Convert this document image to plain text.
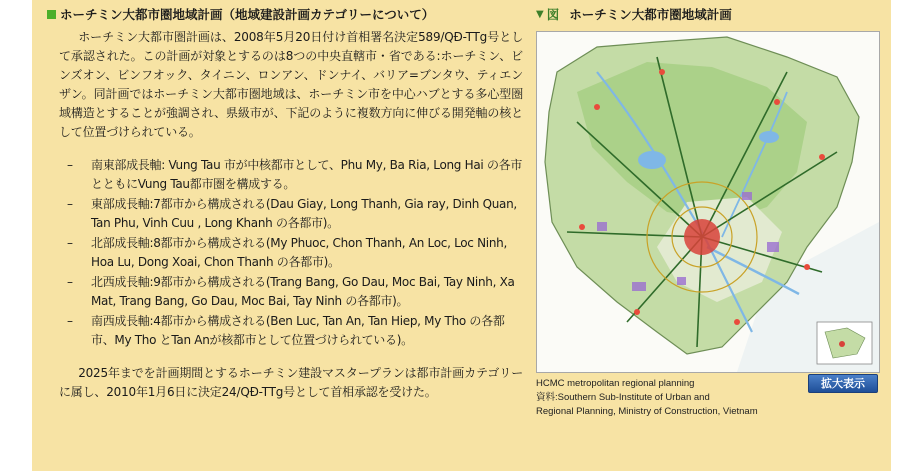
ホーチミン大都市圏地域計画（地域建設計画カテゴリーについて）

ホーチミン大都市圏計画は、2008年5月20日付け首相署名決定589/QĐ-TTg号として承認された。この計画が対象とするのは8つの中央直轄市・省である:ホーチミン、ビンズオン、ビンフオック、タイニン、ロンアン、ドンナイ、バリア=ブンタウ、ティエンザン。同計画ではホーチミン大都市圏地域は、ホーチミン市を中心ハブとする多心型圏域構造とすることが強調され、県級市が、下記のように複数方向に伸びる開発軸の核として位置づけられている。

– 南東部成長軸: Vung Tau 市が中核都市として、Phu My, Ba Ria, Long Hai の各市とともにVung Tau都市圏を構成する。
– 東部成長軸:7都市から構成される(Dau Giay, Long Thanh, Gia ray, Dinh Quan, Tan Phu, Vinh Cuu , Long Khanh の各都市)。
– 北部成長軸:8都市から構成される(My Phuoc, Chon Thanh, An Loc, Loc Ninh, Hoa Lu, Dong Xoai, Chon Thanh の各都市)。
– 北西成長軸:9都市から構成される(Trang Bang, Go Dau, Moc Bai, Tay Ninh, Xa Mat, Trang Bang, Go Dau, Moc Bai, Tay Ninh の各都市)。
– 南西成長軸:4都市から構成される(Ben Luc, Tan An, Tan Hiep, My Tho の各都市、My Tho とTan Anが核都市として位置づけられている)。

2025年までを計画期間とするホーチミン建設マスタープランは都市計画カテゴリーに属し、2010年1月6日に決定24/QĐ-TTg号として首相承認を受けた。

▼ 図 ホーチミン大都市圏地域計画
HCMC metropolitan regional planning
資料:Southern Sub-Institute of Urban and
Regional Planning, Ministry of Construction, Vietnam
拡大表示
